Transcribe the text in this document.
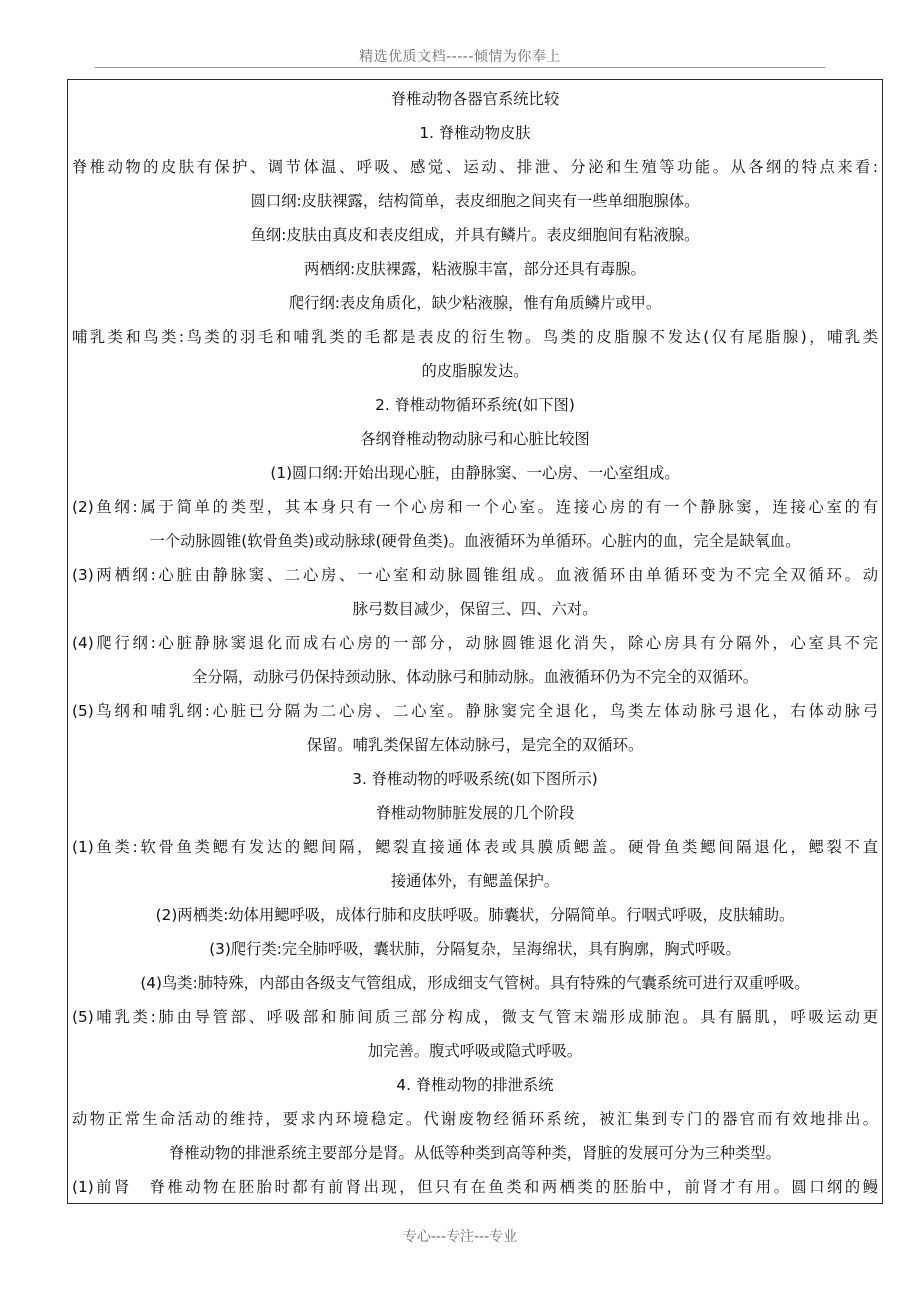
精选优质文档-----倾情为你奉上
脊椎动物各器官系统比较
1. 脊椎动物皮肤
脊椎动物的皮肤有保护、调节体温、呼吸、感觉、运动、排泄、分泌和生殖等功能。从各纲的特点来看:
圆口纲:皮肤裸露，结构简单，表皮细胞之间夹有一些单细胞腺体。
鱼纲:皮肤由真皮和表皮组成，并具有鳞片。表皮细胞间有粘液腺。
两栖纲:皮肤裸露，粘液腺丰富，部分还具有毒腺。
爬行纲:表皮角质化，缺少粘液腺，惟有角质鳞片或甲。
哺乳类和鸟类:鸟类的羽毛和哺乳类的毛都是表皮的衍生物。鸟类的皮脂腺不发达(仅有尾脂腺)，哺乳类
的皮脂腺发达。
2. 脊椎动物循环系统(如下图)
各纲脊椎动物动脉弓和心脏比较图
(1)圆口纲:开始出现心脏，由静脉窦、一心房、一心室组成。
(2)鱼纲:属于简单的类型，其本身只有一个心房和一个心室。连接心房的有一个静脉窦，连接心室的有
一个动脉圆锥(软骨鱼类)或动脉球(硬骨鱼类)。血液循环为单循环。心脏内的血，完全是缺氧血。
(3)两栖纲:心脏由静脉窦、二心房、一心室和动脉圆锥组成。血液循环由单循环变为不完全双循环。动
脉弓数目减少，保留三、四、六对。
(4)爬行纲:心脏静脉窦退化而成右心房的一部分，动脉圆锥退化消失，除心房具有分隔外，心室具不完
全分隔，动脉弓仍保持颈动脉、体动脉弓和肺动脉。血液循环仍为不完全的双循环。
(5)鸟纲和哺乳纲:心脏已分隔为二心房、二心室。静脉窦完全退化，鸟类左体动脉弓退化，右体动脉弓
保留。哺乳类保留左体动脉弓，是完全的双循环。
3. 脊椎动物的呼吸系统(如下图所示)
脊椎动物肺脏发展的几个阶段
(1)鱼类:软骨鱼类鳃有发达的鳃间隔，鳃裂直接通体表或具膜质鳃盖。硬骨鱼类鳃间隔退化，鳃裂不直
接通体外，有鳃盖保护。
(2)两栖类:幼体用鳃呼吸，成体行肺和皮肤呼吸。肺囊状，分隔简单。行咽式呼吸，皮肤辅助。
(3)爬行类:完全肺呼吸，囊状肺，分隔复杂，呈海绵状，具有胸廓，胸式呼吸。
(4)鸟类:肺特殊，内部由各级支气管组成，形成细支气管树。具有特殊的气囊系统可进行双重呼吸。
(5)哺乳类:肺由导管部、呼吸部和肺间质三部分构成，微支气管末端形成肺泡。具有膈肌，呼吸运动更
加完善。腹式呼吸或隐式呼吸。
4. 脊椎动物的排泄系统
动物正常生命活动的维持，要求内环境稳定。代谢废物经循环系统，被汇集到专门的器官而有效地排出。
脊椎动物的排泄系统主要部分是肾。从低等种类到高等种类，肾脏的发展可分为三种类型。
(1)前肾　脊椎动物在胚胎时都有前肾出现，但只有在鱼类和两栖类的胚胎中，前肾才有用。圆口纲的鳗
专心---专注---专业
